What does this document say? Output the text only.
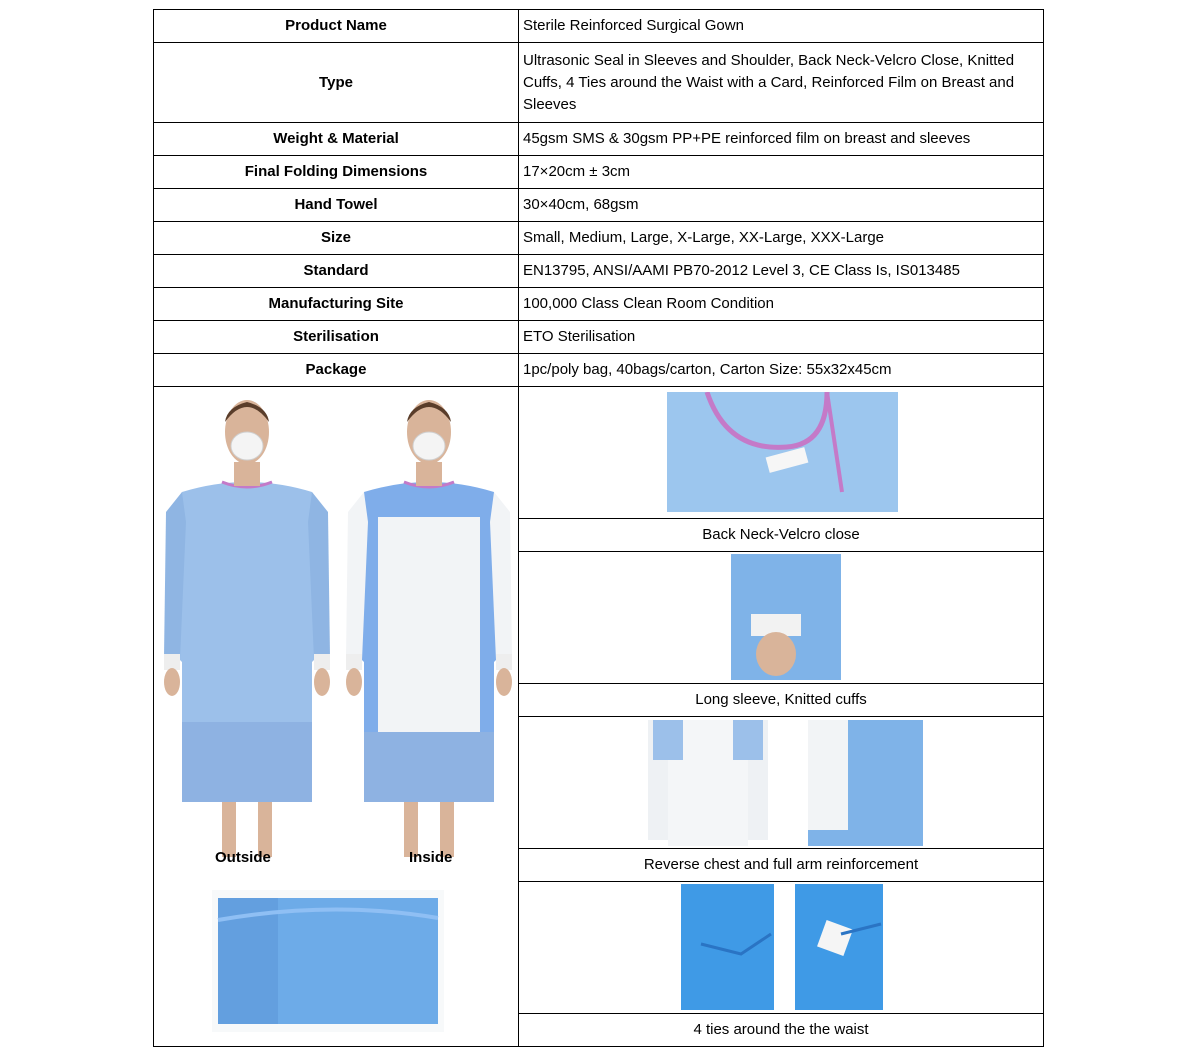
Product Name	Sterile Reinforced Surgical Gown
Type	Ultrasonic Seal in Sleeves and Shoulder, Back Neck-Velcro Close, Knitted Cuffs, 4 Ties around the Waist with a Card, Reinforced Film on Breast and Sleeves
Weight & Material	45gsm SMS & 30gsm PP+PE reinforced film on breast and sleeves
Final Folding Dimensions	17×20cm ± 3cm
Hand Towel	30×40cm, 68gsm
Size	Small, Medium, Large, X-Large, XX-Large, XXX-Large
Standard	EN13795, ANSI/AAMI PB70-2012 Level 3, CE Class Is, IS013485
Manufacturing Site	100,000 Class Clean Room Condition
Sterilisation	ETO Sterilisation
Package	1pc/poly bag, 40bags/carton, Carton Size: 55x32x45cm
Outside	Inside
Back Neck-Velcro close
Long sleeve, Knitted cuffs
Reverse chest and full arm reinforcement
4 ties around the the waist
